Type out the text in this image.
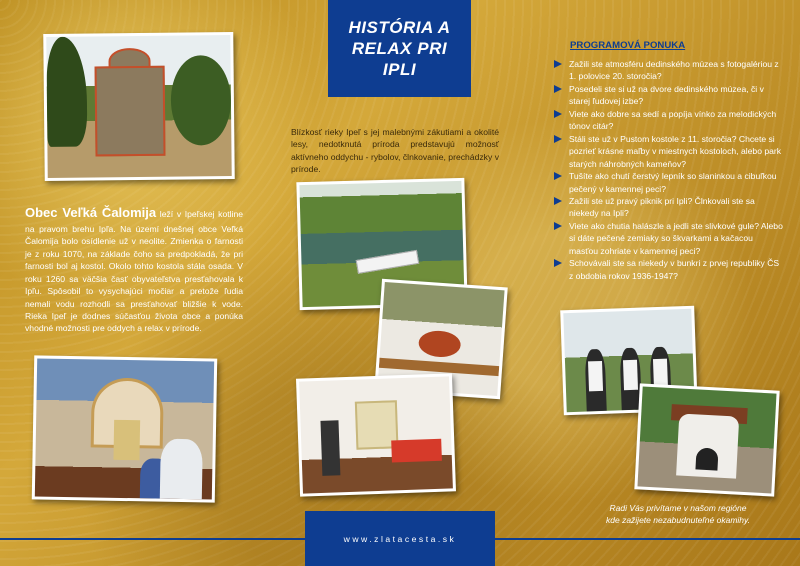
HISTÓRIA A
RELAX PRI IPLI

Blízkosť rieky Ipeľ s jej malebnými zákutiami a okolité lesy, nedotknutá príroda predstavujú možnosť aktívneho oddychu - rybolov, člnkovanie, prechádzky v prírode.

Obec Veľká Čalomija leží v Ipeľskej kotline na pravom brehu Ipľa. Na území dnešnej obce Veľká Čalomija bolo osídlenie už v neolite. Zmienka o farnosti je z roku 1070, na základe čoho sa predpokladá, že pri farnosti bol aj kostol. Okolo tohto kostola stála osada. V roku 1260 sa väčšia časť obyvateľstva presťahovala k Ipľu. Spôsobil to vysychajúci močiar a pretože ľudia nemali vodu rozhodli sa presťahovať bližšie k vode. Rieka Ipeľ je dodnes súčasťou života obce a ponúka vhodné možnosti pre oddych a relax v prírode.

PROGRAMOVÁ PONUKA
Zažili ste atmosféru dedinského múzea s fotogalériou z 1. polovice 20. storočia?
Posedeli ste si už na dvore dedinského múzea, či v starej ľudovej izbe?
Viete ako dobre sa sedí a popíja vínko za melodických tónov citár?
Stáli ste už v Pustom kostole z 11. storočia? Chcete si pozrieť krásne maľby v miestnych kostoloch, alebo park starých náhrobných kameňov?
Tušíte ako chutí čerstvý lepník so slaninkou a cibuľkou pečený v kamennej peci?
Zažili ste už pravý piknik pri Ipli? Člnkovali ste sa niekedy na Ipli?
Viete ako chutia halászle a jedli ste slivkové gule? Alebo si dáte pečené zemiaky so škvarkami a kačacou masťou zohriate v kamennej peci?
Schovávali ste sa niekedy v bunkri z prvej republiky ČS z obdobia rokov 1936-1947?
Radi Vás privítame v našom regióne
kde zažijete nezabudnuteľné okamihy.
www.zlatacesta.sk
